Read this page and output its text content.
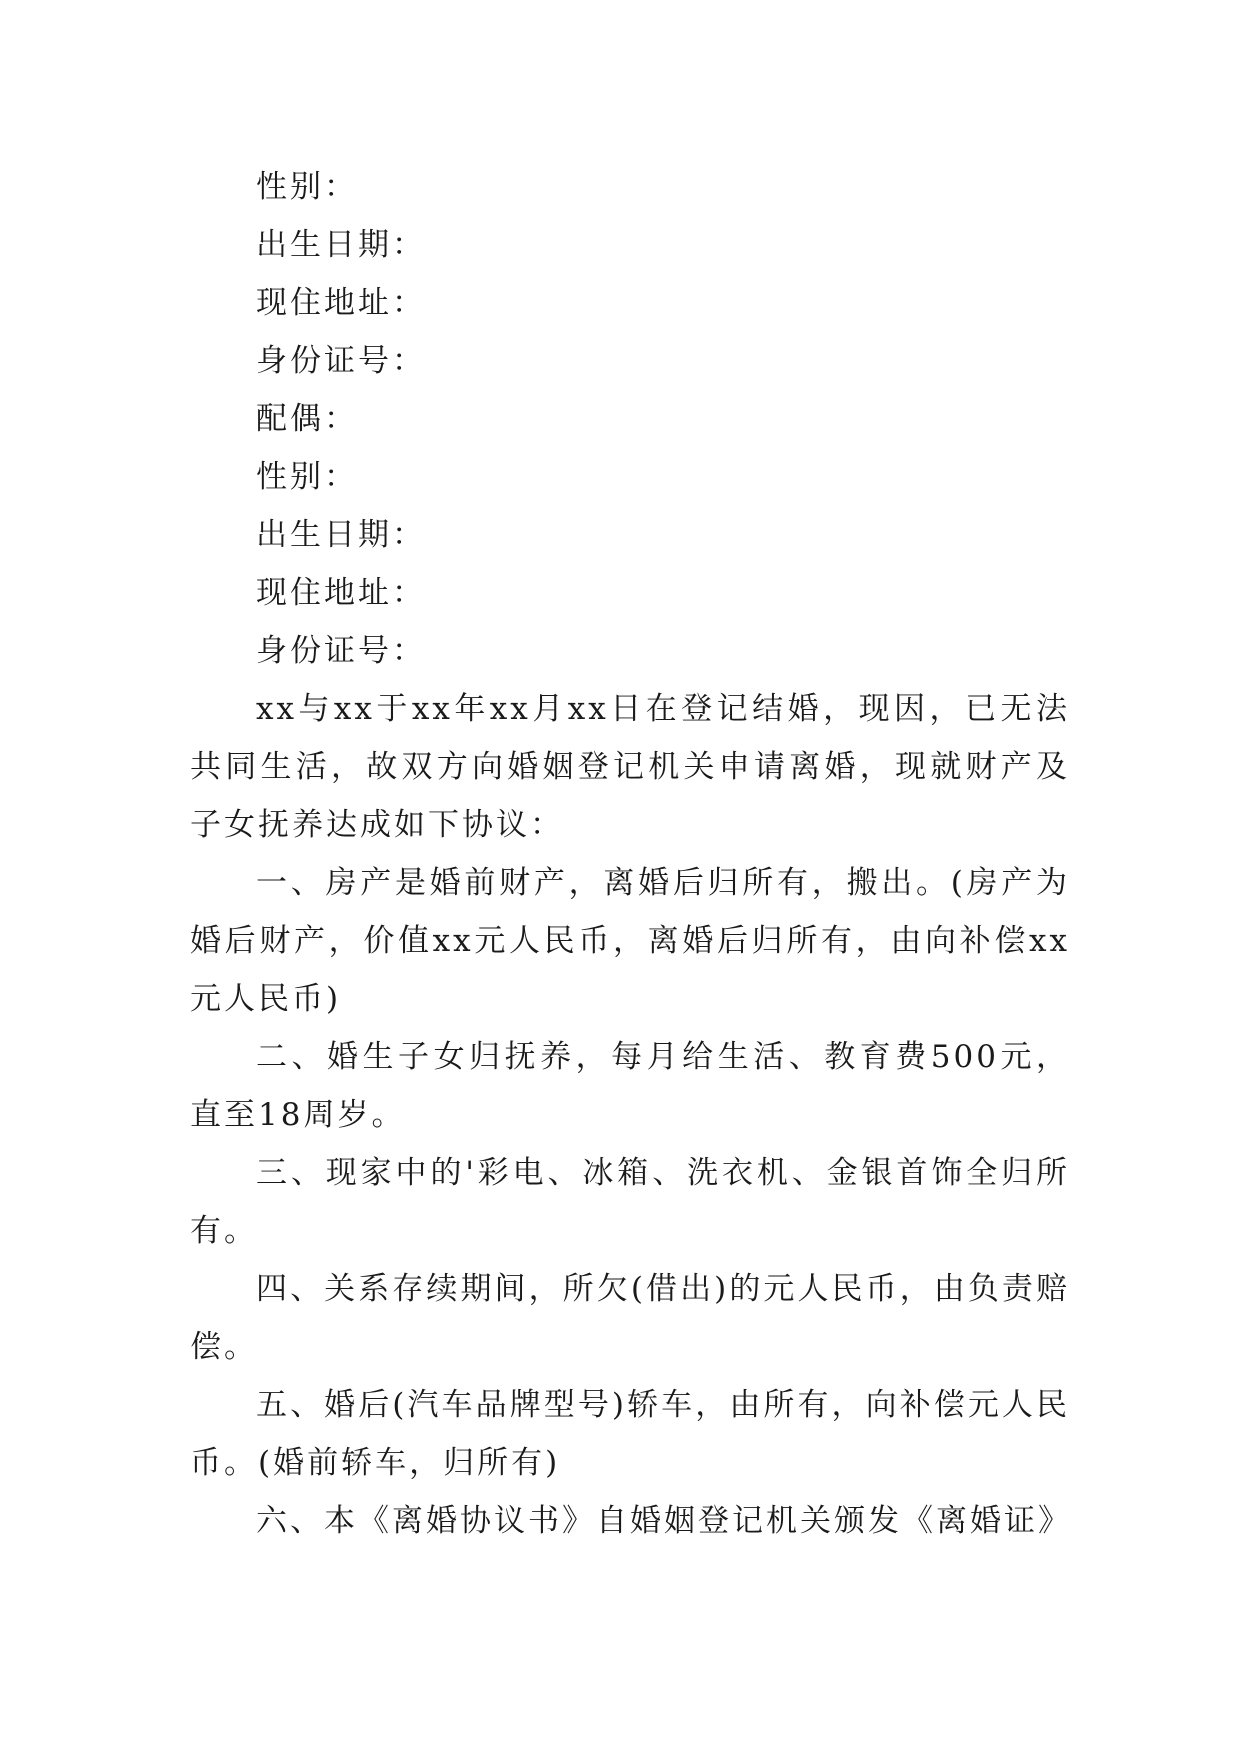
性别：

出生日期：

现住地址：

身份证号：

配偶：

性别：

出生日期：

现住地址：

身份证号：

xx与xx于xx年xx月xx日在登记结婚，现因，已无法共同生活，故双方向婚姻登记机关申请离婚，现就财产及子女抚养达成如下协议：

一、房产是婚前财产，离婚后归所有，搬出。(房产为婚后财产，价值xx元人民币，离婚后归所有，由向补偿xx元人民币)

二、婚生子女归抚养，每月给生活、教育费500元，直至18周岁。

三、现家中的'彩电、冰箱、洗衣机、金银首饰全归所有。

四、关系存续期间，所欠(借出)的元人民币，由负责赔偿。

五、婚后(汽车品牌型号)轿车，由所有，向补偿元人民币。(婚前轿车，归所有)

六、本《离婚协议书》自婚姻登记机关颁发《离婚证》
